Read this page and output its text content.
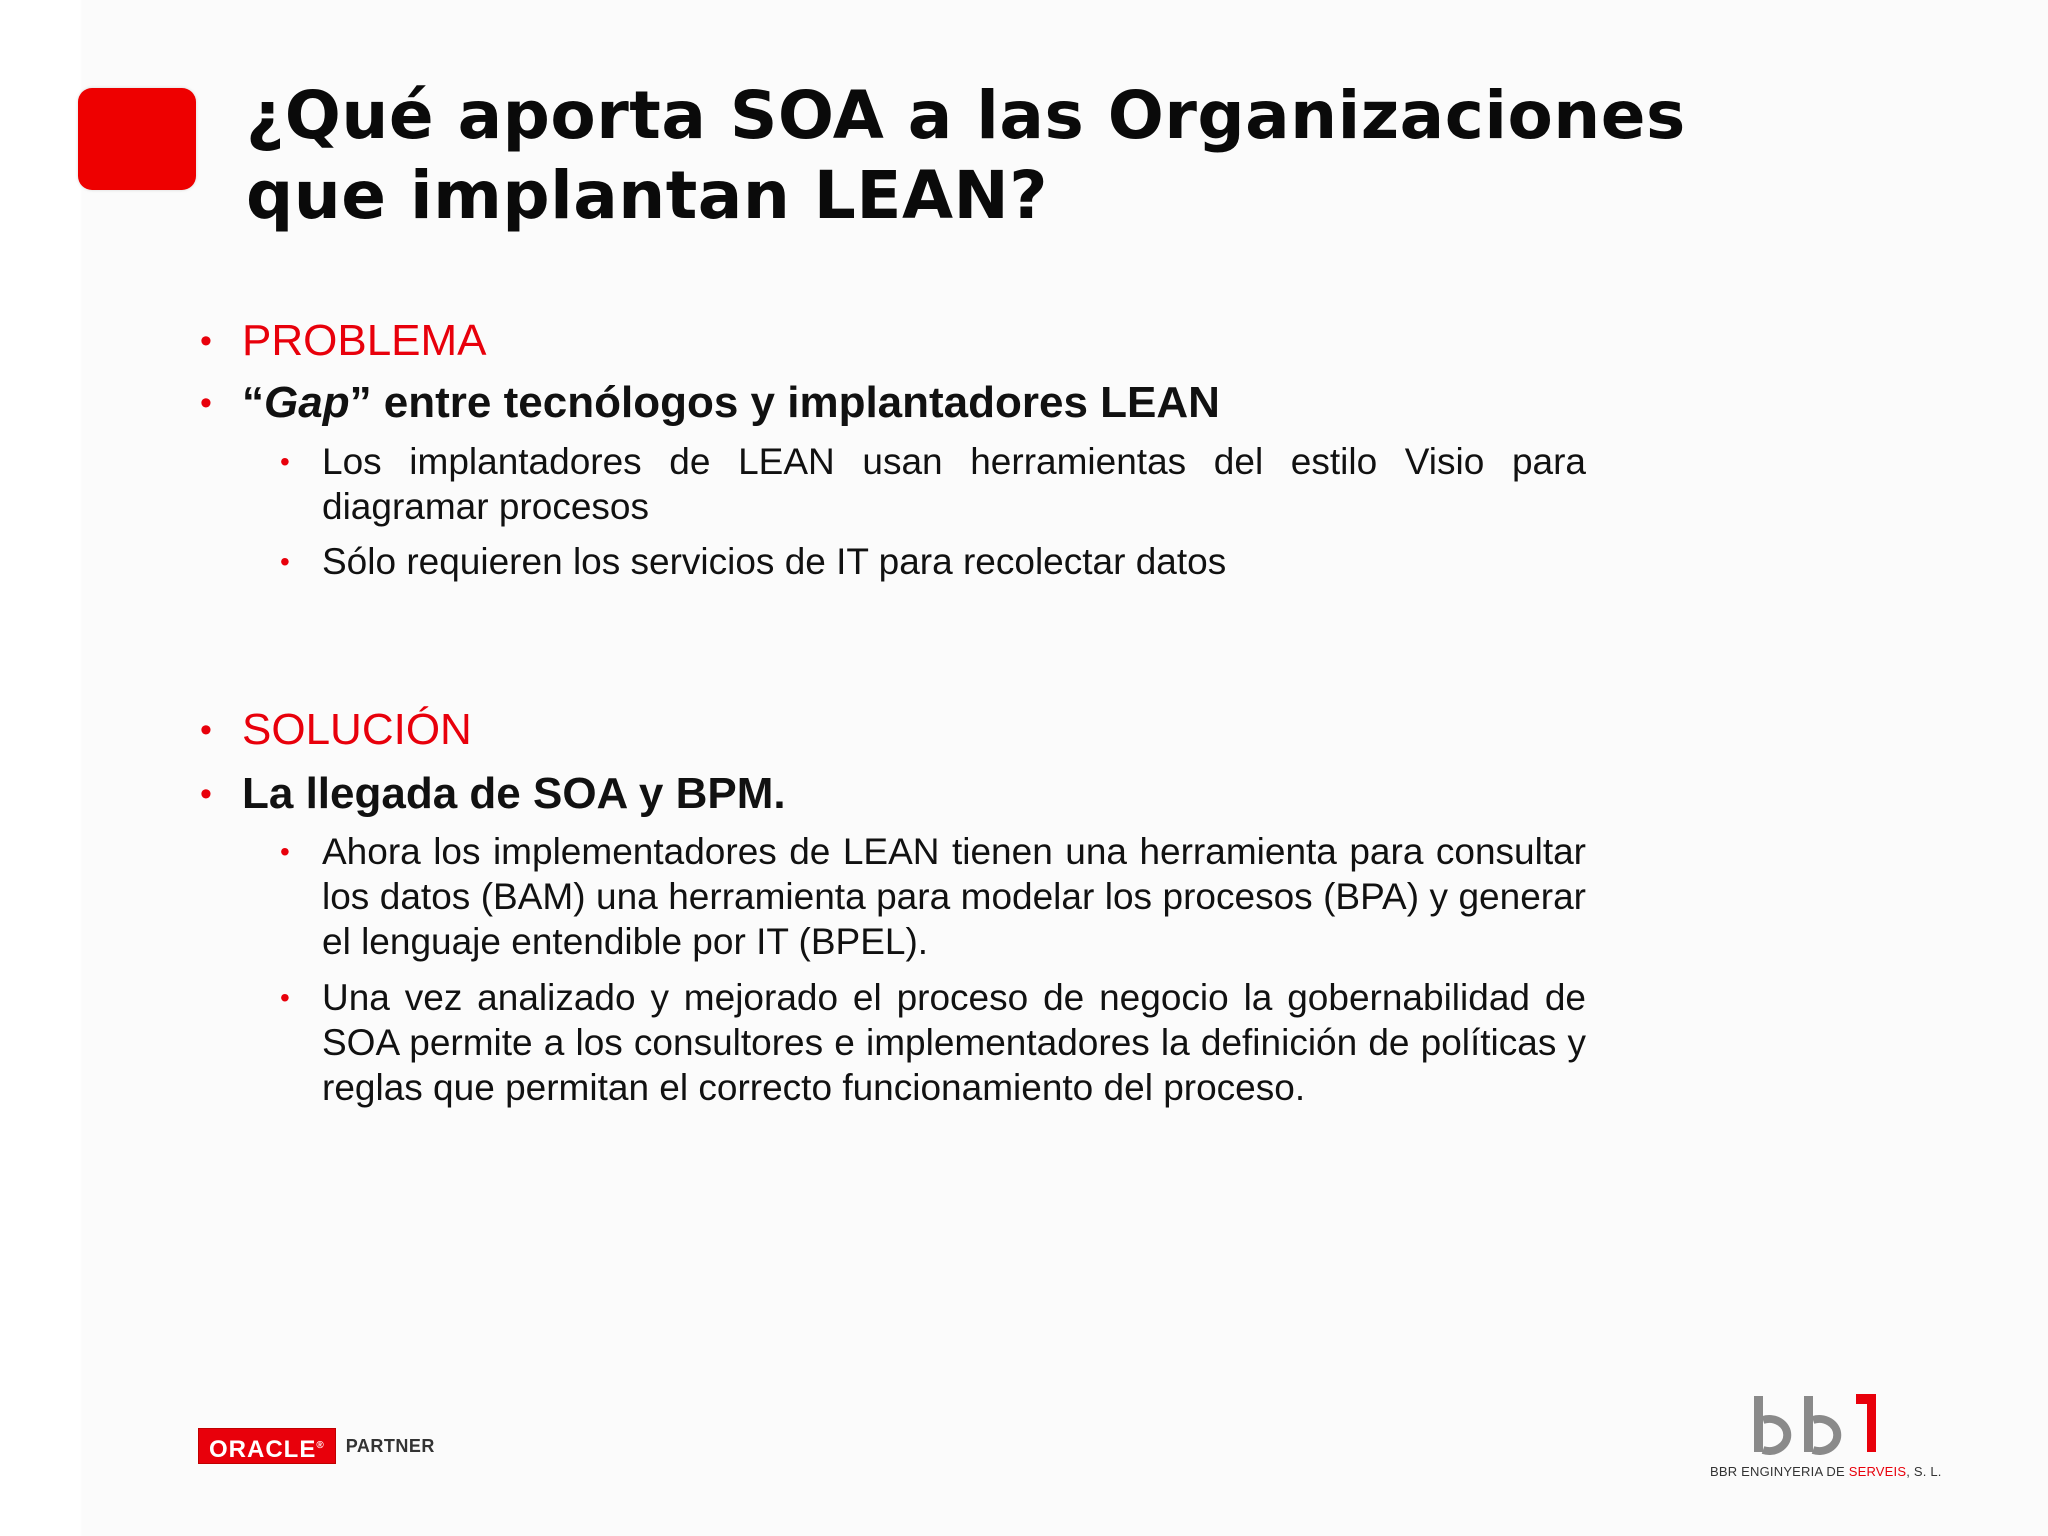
¿Qué aporta SOA a las Organizaciones que implantan LEAN?
• PROBLEMA
• “Gap” entre tecnólogos y implantadores LEAN
• Los implantadores de LEAN usan herramientas del estilo Visio para diagramar procesos
• Sólo requieren los servicios de IT para recolectar datos
• SOLUCIÓN
• La llegada de SOA y BPM.
• Ahora los implementadores de LEAN tienen una herramienta para consultar los datos (BAM) una herramienta para modelar los procesos (BPA) y generar el lenguaje entendible por IT (BPEL).
• Una vez analizado y mejorado el proceso de negocio la gobernabilidad de SOA permite a los consultores e implementadores la definición de políticas y reglas que permitan el correcto funcionamiento del proceso.
ORACLE®	PARTNER
BBR ENGINYERIA DE SERVEIS, S. L.
